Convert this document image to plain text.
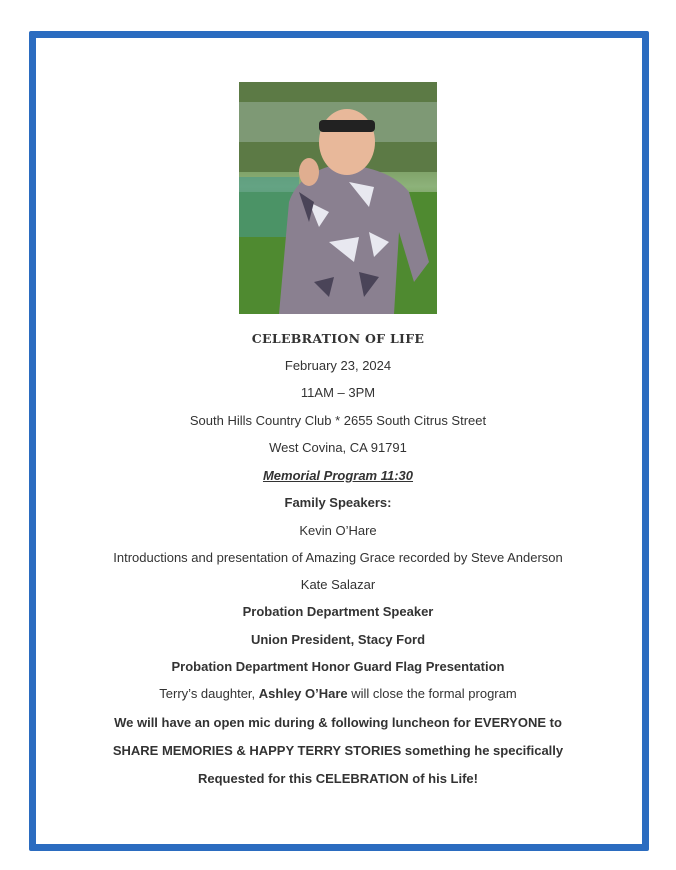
CELEBRATION OF LIFE
February 23, 2024
11AM – 3PM
South Hills Country Club * 2655 South Citrus Street
West Covina, CA 91791
Memorial Program 11:30
Family Speakers:
Kevin O’Hare
Introductions and presentation of Amazing Grace recorded by Steve Anderson
Kate Salazar
Probation Department Speaker
Union President, Stacy Ford
Probation Department Honor Guard Flag Presentation
Terry’s daughter, Ashley O’Hare will close the formal program
We will have an open mic during & following luncheon for EVERYONE to
SHARE MEMORIES & HAPPY TERRY STORIES something he specifically
Requested for this CELEBRATION of his Life!
